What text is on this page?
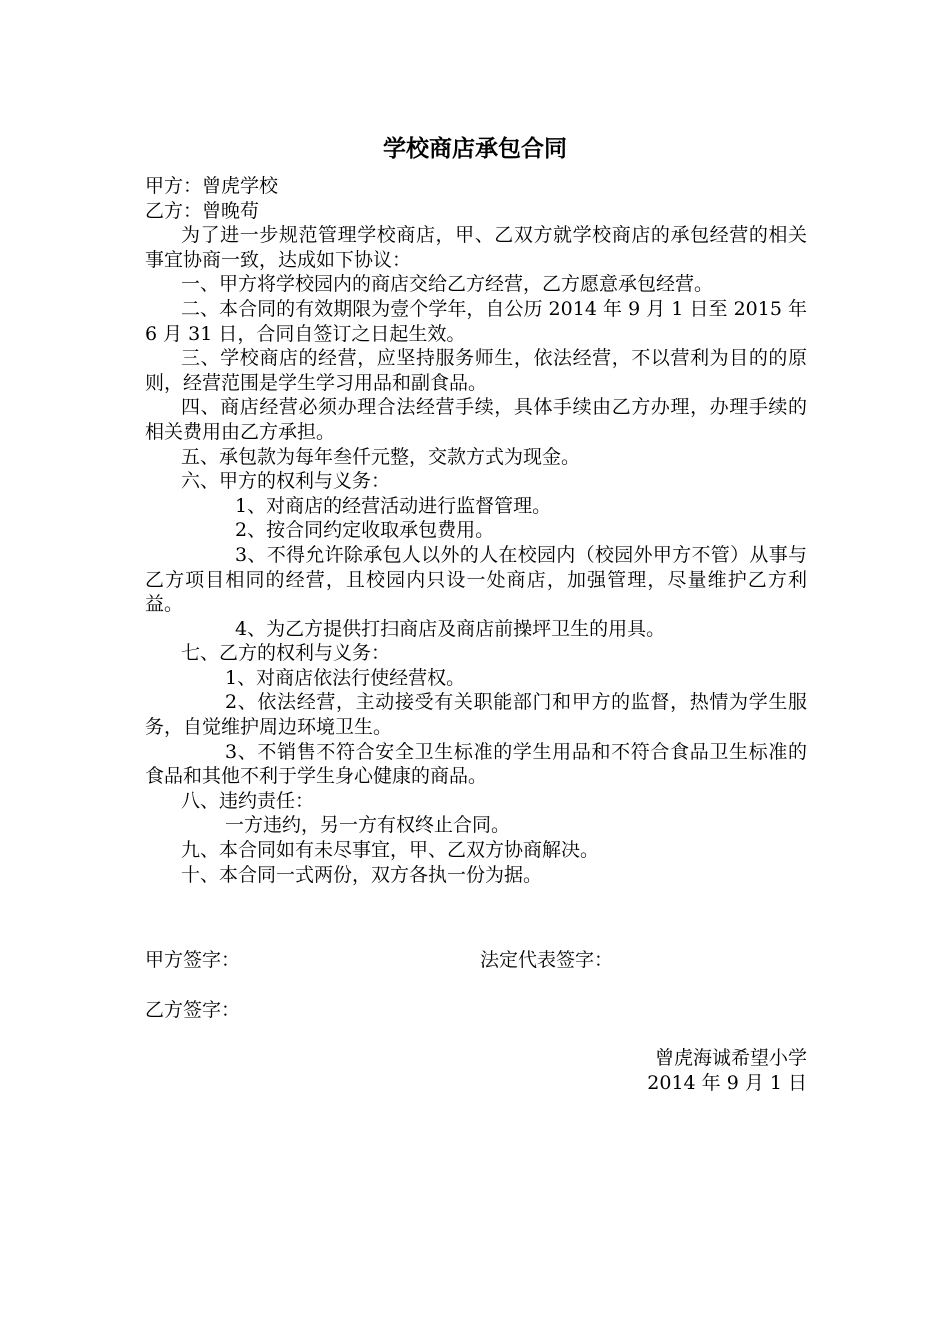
学校商店承包合同

甲方：曾虎学校

乙方：曾晚苟

为了进一步规范管理学校商店，甲、乙双方就学校商店的承包经营的相关事宜协商一致，达成如下协议：

一、甲方将学校园内的商店交给乙方经营，乙方愿意承包经营。

二、本合同的有效期限为壹个学年，自公历 2014 年 9 月 1 日至 2015 年 6 月 31 日，合同自签订之日起生效。

三、学校商店的经营，应坚持服务师生，依法经营，不以营利为目的的原则，经营范围是学生学习用品和副食品。

四、商店经营必须办理合法经营手续，具体手续由乙方办理，办理手续的相关费用由乙方承担。

五、承包款为每年叁仟元整，交款方式为现金。

六、甲方的权利与义务：

1、对商店的经营活动进行监督管理。

2、按合同约定收取承包费用。

3、不得允许除承包人以外的人在校园内（校园外甲方不管）从事与乙方项目相同的经营，且校园内只设一处商店，加强管理，尽量维护乙方利益。

4、为乙方提供打扫商店及商店前操坪卫生的用具。

七、乙方的权利与义务：

1、对商店依法行使经营权。

2、依法经营，主动接受有关职能部门和甲方的监督，热情为学生服务，自觉维护周边环境卫生。

3、不销售不符合安全卫生标准的学生用品和不符合食品卫生标准的食品和其他不利于学生身心健康的商品。

八、违约责任：

一方违约，另一方有权终止合同。

九、本合同如有未尽事宜，甲、乙双方协商解决。

十、本合同一式两份，双方各执一份为据。

甲方签字：	法定代表签字：
乙方签字：
曾虎海诚希望小学
2014 年 9 月 1 日
